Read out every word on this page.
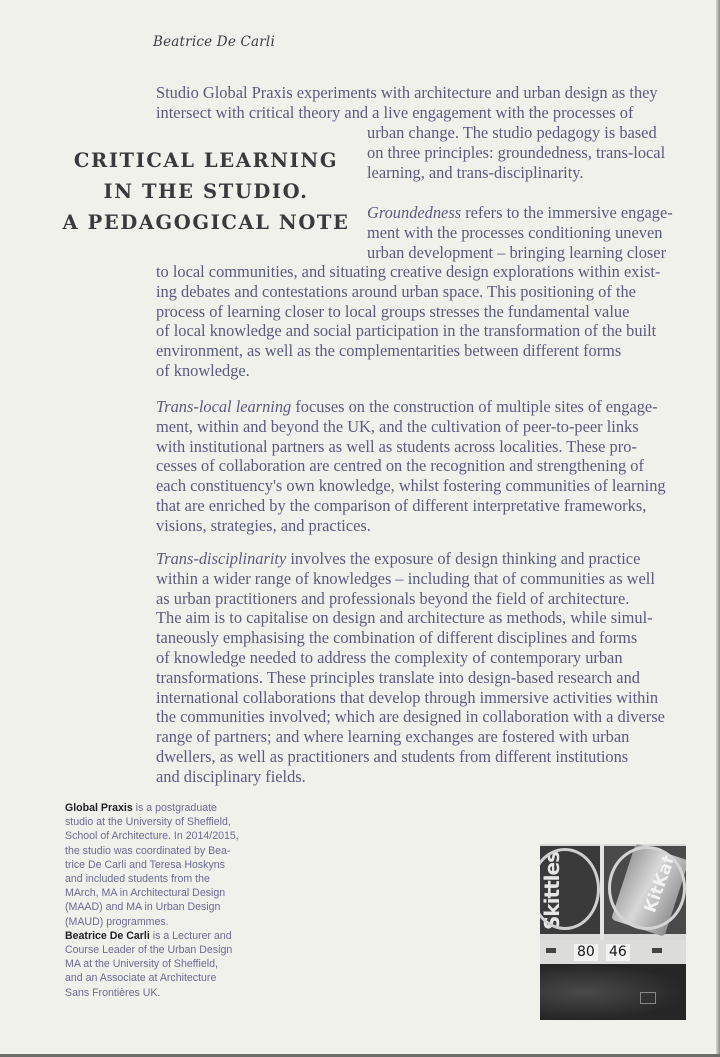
Beatrice De Carli
CRITICAL LEARNING
IN THE STUDIO.
A PEDAGOGICAL NOTE
Studio Global Praxis experiments with architecture and urban design as they
intersect with critical theory and a live engagement with the processes of
urban change. The studio pedagogy is based
on three principles: groundedness, trans-local
learning, and trans-disciplinarity.
Groundedness refers to the immersive engage-
ment with the processes conditioning uneven
urban development – bringing learning closer
to local communities, and situating creative design explorations within exist-
ing debates and contestations around urban space. This positioning of the
process of learning closer to local groups stresses the fundamental value
of local knowledge and social participation in the transformation of the built
environment, as well as the complementarities between different forms
of knowledge.
Trans-local learning focuses on the construction of multiple sites of engage-
ment, within and beyond the UK, and the cultivation of peer-to-peer links
with institutional partners as well as students across localities. These pro-
cesses of collaboration are centred on the recognition and strengthening of
each constituency's own knowledge, whilst fostering communities of learning
that are enriched by the comparison of different interpretative frameworks,
visions, strategies, and practices.
Trans-disciplinarity involves the exposure of design thinking and practice
within a wider range of knowledges – including that of communities as well
as urban practitioners and professionals beyond the field of architecture.
The aim is to capitalise on design and architecture as methods, while simul-
taneously emphasising the combination of different disciplines and forms
of knowledge needed to address the complexity of contemporary urban
transformations. These principles translate into design-based research and
international collaborations that develop through immersive activities within
the communities involved; which are designed in collaboration with a diverse
range of partners; and where learning exchanges are fostered with urban
dwellers, as well as practitioners and students from different institutions
and disciplinary fields.
Global Praxis is a postgraduate
studio at the University of Sheffield,
School of Architecture. In 2014/2015,
the studio was coordinated by Bea-
trice De Carli and Teresa Hoskyns
and included students from the
MArch, MA in Architectural Design
(MAAD) and MA in Urban Design
(MAUD) programmes.
Beatrice De Carli is a Lecturer and
Course Leader of the Urban Design
MA at the University of Sheffield,
and an Associate at Architecture
Sans Frontières UK.
KitKat
Skittles
80 46
